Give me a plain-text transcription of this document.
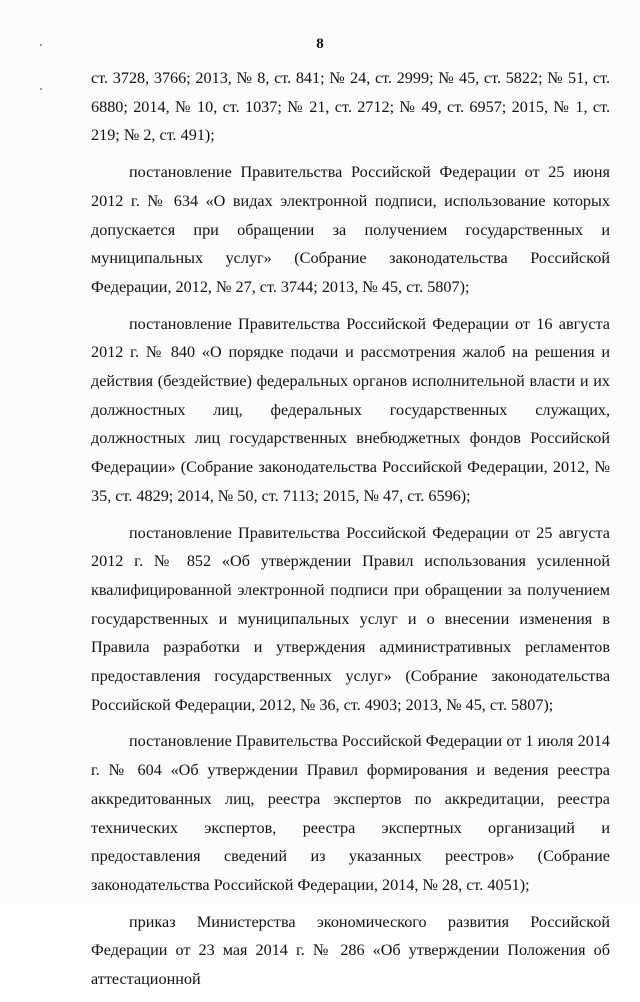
8

ст. 3728, 3766; 2013, № 8, ст. 841; № 24, ст. 2999; № 45, ст. 5822; № 51, ст. 6880; 2014, № 10, ст. 1037; № 21, ст. 2712; № 49, ст. 6957; 2015, № 1, ст. 219; № 2, ст. 491);

постановление Правительства Российской Федерации от 25 июня 2012 г. № 634 «О видах электронной подписи, использование которых допускается при обращении за получением государственных и муниципальных услуг» (Собрание законодательства Российской Федерации, 2012, № 27, ст. 3744; 2013, № 45, ст. 5807);

постановление Правительства Российской Федерации от 16 августа 2012 г. № 840 «О порядке подачи и рассмотрения жалоб на решения и действия (бездействие) федеральных органов исполнительной власти и их должностных лиц, федеральных государственных служащих, должностных лиц государственных внебюджетных фондов Российской Федерации» (Собрание законодательства Российской Федерации, 2012, № 35, ст. 4829; 2014, № 50, ст. 7113; 2015, № 47, ст. 6596);

постановление Правительства Российской Федерации от 25 августа 2012 г. № 852 «Об утверждении Правил использования усиленной квалифицированной электронной подписи при обращении за получением государственных и муниципальных услуг и о внесении изменения в Правила разработки и утверждения административных регламентов предоставления государственных услуг» (Собрание законодательства Российской Федерации, 2012, № 36, ст. 4903; 2013, № 45, ст. 5807);

постановление Правительства Российской Федерации от 1 июля 2014 г. № 604 «Об утверждении Правил формирования и ведения реестра аккредитованных лиц, реестра экспертов по аккредитации, реестра технических экспертов, реестра экспертных организаций и предоставления сведений из указанных реестров» (Собрание законодательства Российской Федерации, 2014, № 28, ст. 4051);

приказ Министерства экономического развития Российской Федерации от 23 мая 2014 г. № 286 «Об утверждении Положения об аттестационной
